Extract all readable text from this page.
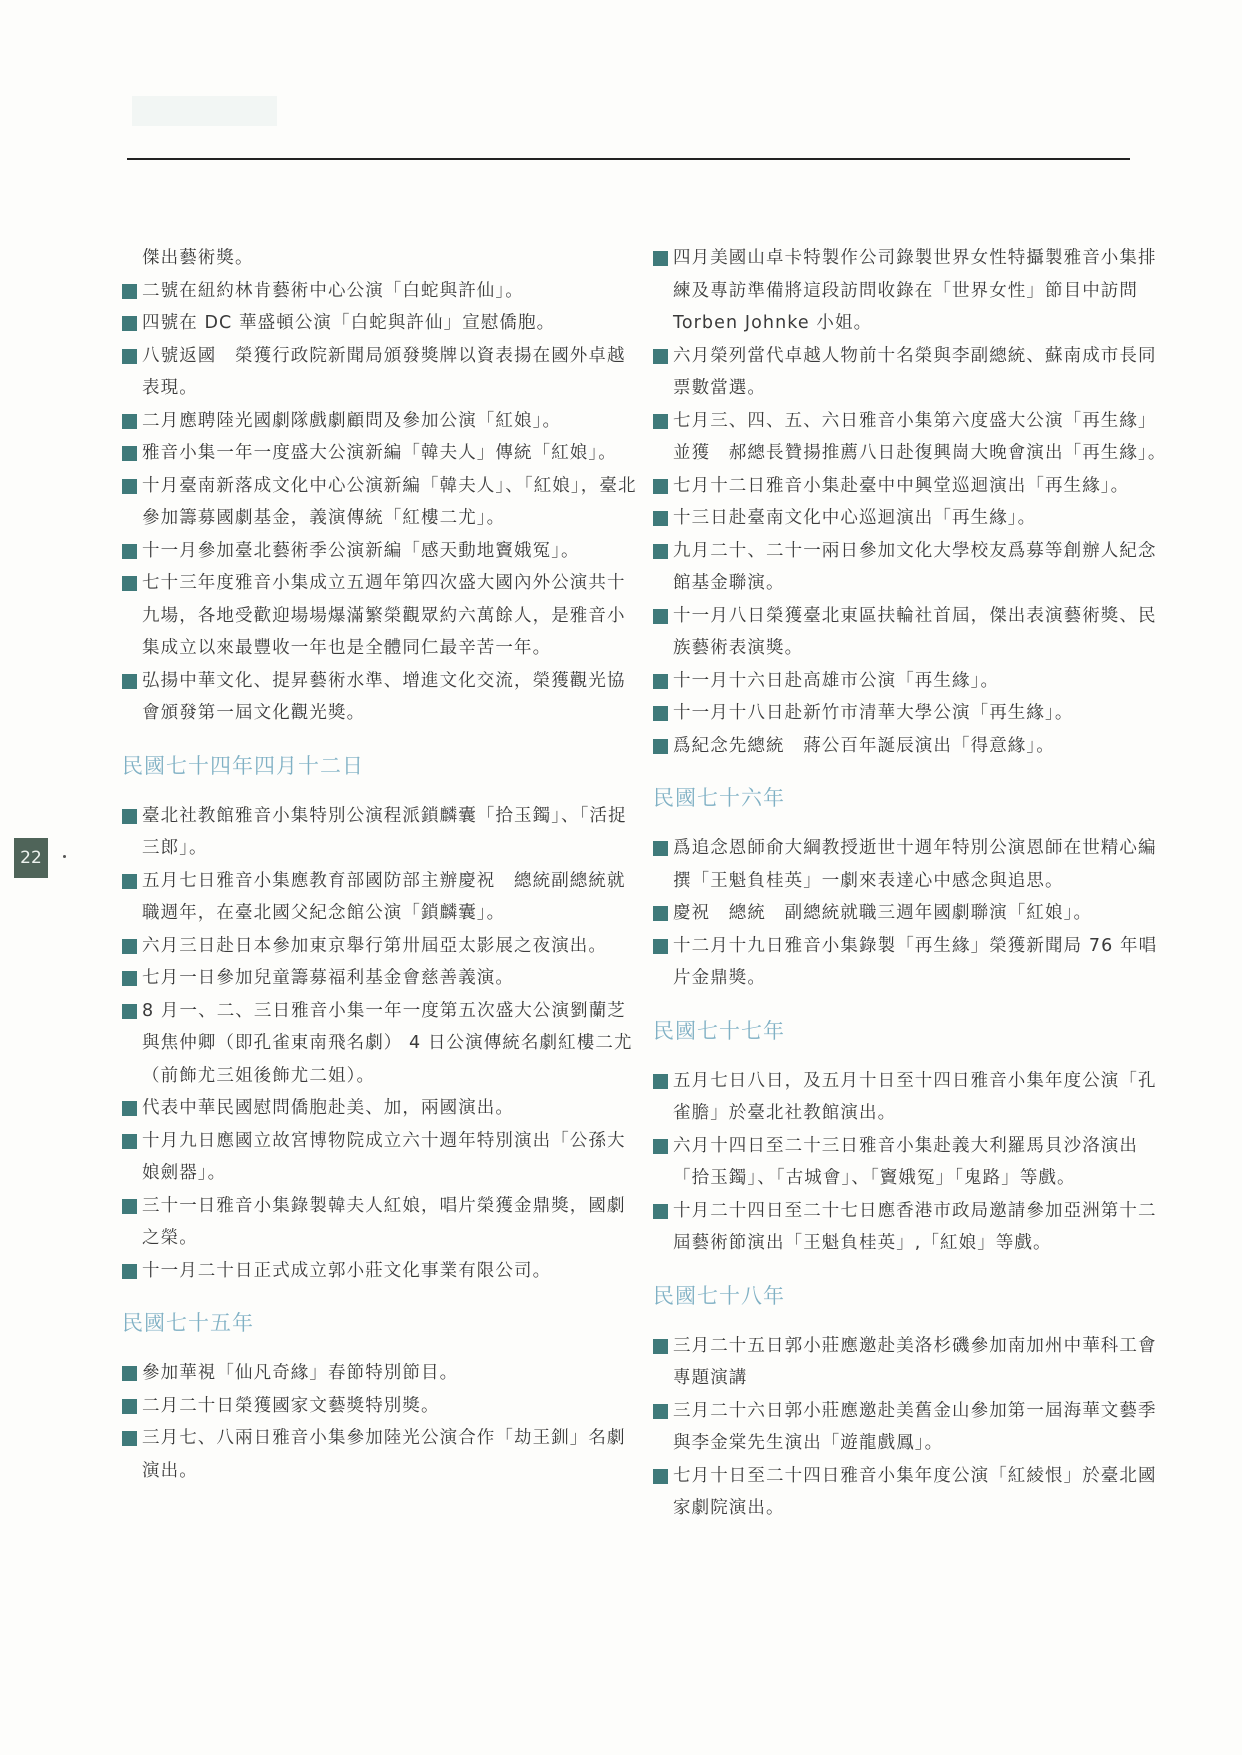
22
傑出藝術獎。
二號在紐約林肯藝術中心公演「白蛇與許仙」。
四號在 DC 華盛頓公演「白蛇與許仙」宣慰僑胞。
八號返國　榮獲行政院新聞局頒發獎牌以資表揚在國外卓越表現。
二月應聘陸光國劇隊戲劇顧問及參加公演「紅娘」。
雅音小集一年一度盛大公演新編「韓夫人」傳統「紅娘」。
十月臺南新落成文化中心公演新編「韓夫人」、「紅娘」，臺北參加籌募國劇基金，義演傳統「紅樓二尤」。
十一月參加臺北藝術季公演新編「感天動地竇娥冤」。
七十三年度雅音小集成立五週年第四次盛大國內外公演共十九場，各地受歡迎場場爆滿繁榮觀眾約六萬餘人，是雅音小集成立以來最豐收一年也是全體同仁最辛苦一年。
弘揚中華文化、提昇藝術水準、增進文化交流，榮獲觀光協會頒發第一屆文化觀光獎。
民國七十四年四月十二日
臺北社教館雅音小集特別公演程派鎖麟囊「拾玉鐲」、「活捉三郎」。
五月七日雅音小集應教育部國防部主辦慶祝　總統副總統就職週年，在臺北國父紀念館公演「鎖麟囊」。
六月三日赴日本參加東京舉行第卅屆亞太影展之夜演出。
七月一日參加兒童籌募福利基金會慈善義演。
8 月一、二、三日雅音小集一年一度第五次盛大公演劉蘭芝與焦仲卿（即孔雀東南飛名劇） 4 日公演傳統名劇紅樓二尤（前飾尤三姐後飾尤二姐）。
代表中華民國慰問僑胞赴美、加，兩國演出。
十月九日應國立故宮博物院成立六十週年特別演出「公孫大娘劍器」。
三十一日雅音小集錄製韓夫人紅娘，唱片榮獲金鼎獎，國劇之榮。
十一月二十日正式成立郭小莊文化事業有限公司。
民國七十五年
參加華視「仙凡奇緣」春節特別節目。
二月二十日榮獲國家文藝獎特別獎。
三月七、八兩日雅音小集參加陸光公演合作「劫王釧」名劇演出。
四月美國山卓卡特製作公司錄製世界女性特攝製雅音小集排練及專訪準備將這段訪問收錄在「世界女性」節目中訪問 Torben Johnke 小姐。
六月榮列當代卓越人物前十名榮與李副總統、蘇南成市長同票數當選。
七月三、四、五、六日雅音小集第六度盛大公演「再生緣」並獲　郝總長贊揚推薦八日赴復興崗大晚會演出「再生緣」。
七月十二日雅音小集赴臺中中興堂巡迴演出「再生緣」。
十三日赴臺南文化中心巡迴演出「再生緣」。
九月二十、二十一兩日參加文化大學校友爲募等創辦人紀念館基金聯演。
十一月八日榮獲臺北東區扶輪社首屆，傑出表演藝術獎、民族藝術表演獎。
十一月十六日赴高雄市公演「再生緣」。
十一月十八日赴新竹市清華大學公演「再生緣」。
爲紀念先總統　蔣公百年誕辰演出「得意緣」。
民國七十六年
爲追念恩師俞大綱教授逝世十週年特別公演恩師在世精心編撰「王魁負桂英」一劇來表達心中感念與追思。
慶祝　總統　副總統就職三週年國劇聯演「紅娘」。
十二月十九日雅音小集錄製「再生緣」榮獲新聞局 76 年唱片金鼎獎。
民國七十七年
五月七日八日，及五月十日至十四日雅音小集年度公演「孔雀膽」於臺北社教館演出。
六月十四日至二十三日雅音小集赴義大利羅馬貝沙洛演出「拾玉鐲」、「古城會」、「竇娥冤」「鬼路」等戲。
十月二十四日至二十七日應香港市政局邀請參加亞洲第十二屆藝術節演出「王魁負桂英」,「紅娘」等戲。
民國七十八年
三月二十五日郭小莊應邀赴美洛杉磯參加南加州中華科工會專題演講
三月二十六日郭小莊應邀赴美舊金山參加第一屆海華文藝季與李金棠先生演出「遊龍戲鳳」。
七月十日至二十四日雅音小集年度公演「紅綾恨」於臺北國家劇院演出。
